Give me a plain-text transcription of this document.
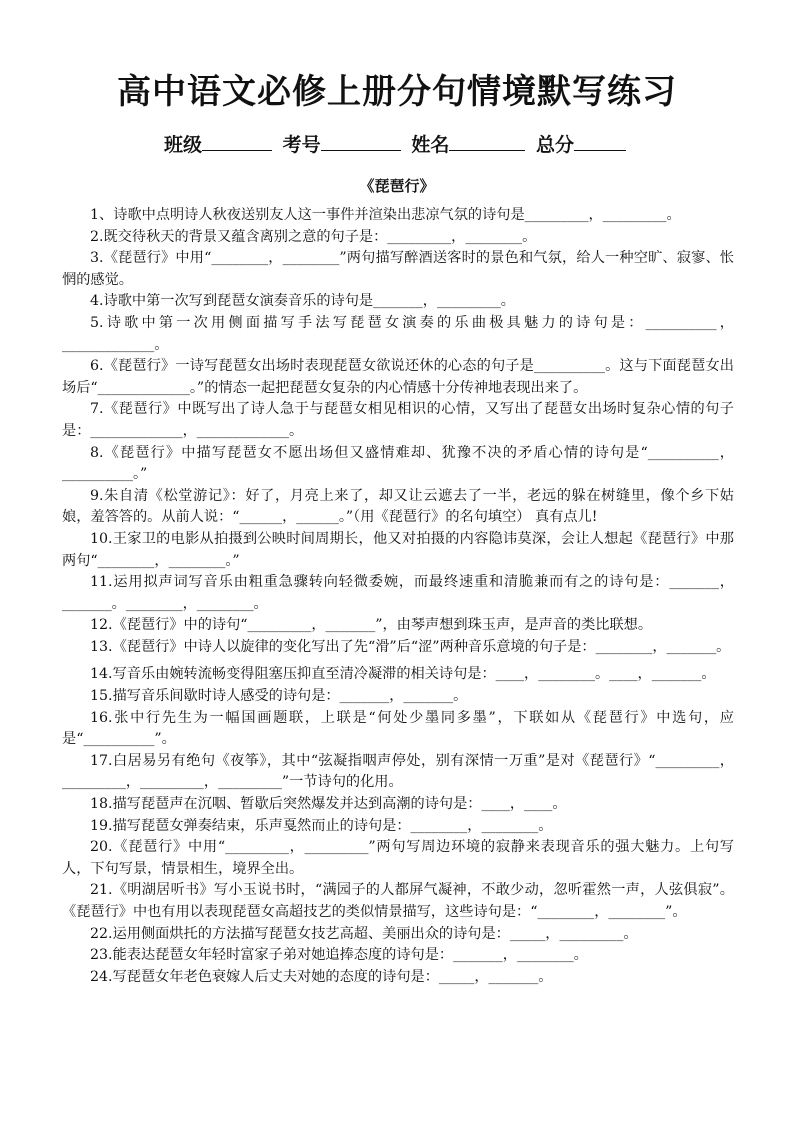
高中语文必修上册分句情境默写练习
班级	考号	姓名	总分
《琵琶行》

1、诗歌中点明诗人秋夜送别友人这一事件并渲染出悲凉气氛的诗句是_________，_________。

2.既交待秋天的背景又蕴含离别之意的句子是：_________，________。

3.《琵琶行》中用“________，________”两句描写醉酒送客时的景色和气氛，给人一种空旷、寂寥、怅惘的感觉。

4.诗歌中第一次写到琵琶女演奏音乐的诗句是_______，_________。

5.诗歌中第一次用侧面描写手法写琵琶女演奏的乐曲极具魅力的诗句是：__________，_____________。

6.《琵琶行》一诗写琵琶女出场时表现琵琶女欲说还休的心态的句子是__________。这与下面琵琶女出场后“_____________。”的情态一起把琵琶女复杂的内心情感十分传神地表现出来了。

7.《琵琶行》中既写出了诗人急于与琵琶女相见相识的心情，又写出了琵琶女出场时复杂心情的句子是：_____________，_____________。

8.《琵琶行》中描写琵琶女不愿出场但又盛情难却、犹豫不决的矛盾心情的诗句是“__________，__________。”

9.朱自清《松堂游记》：好了，月亮上来了，却又让云遮去了一半，老远的躲在树缝里，像个乡下姑娘，羞答答的。从前人说：“______，______。”（用《琵琶行》的名句填空） 真有点儿!

10.王家卫的电影从拍摄到公映时间周期长，他又对拍摄的内容隐讳莫深，会让人想起《琵琶行》中那两句“________，________。”

11.运用拟声词写音乐由粗重急骤转向轻微委婉，而最终速重和清脆兼而有之的诗句是：_______，_______。________，________。

12.《琵琶行》中的诗句“_________，_______”，由琴声想到珠玉声，是声音的类比联想。

13.《琵琶行》中诗人以旋律的变化写出了先“滑”后“涩”两种音乐意境的句子是：________，_______。

14.写音乐由婉转流畅变得阻塞压抑直至清冷凝滞的相关诗句是：____，________。____，_______。

15.描写音乐间歇时诗人感受的诗句是：_______，_______。

16.张中行先生为一幅国画题联，上联是“何处少墨同多墨”，下联如从《琵琶行》中选句，应是“__________”。

17.白居易另有绝句《夜筝》，其中“弦凝指咽声停处，别有深情一万重”是对《琵琶行》“_________，_________，_________，_________”一节诗句的化用。

18.描写琵琶声在沉咽、暂歇后突然爆发并达到高潮的诗句是：____，____。

19.描写琵琶女弹奏结束，乐声戛然而止的诗句是：________，________。

20.《琵琶行》中用“_________，_________”两句写周边环境的寂静来表现音乐的强大魅力。上句写人，下句写景，情景相生，境界全出。

21.《明湖居听书》写小玉说书时，“满园子的人都屏气凝神，不敢少动，忽听霍然一声，人弦俱寂”。《琵琶行》中也有用以表现琵琶女高超技艺的类似情景描写，这些诗句是：“________，________”。

22.运用侧面烘托的方法描写琵琶女技艺高超、美丽出众的诗句是：_____，_________。

23.能表达琵琶女年轻时富家子弟对她追捧态度的诗句是：_______，________。

24.写琵琶女年老色衰嫁人后丈夫对她的态度的诗句是：_____，_______。
